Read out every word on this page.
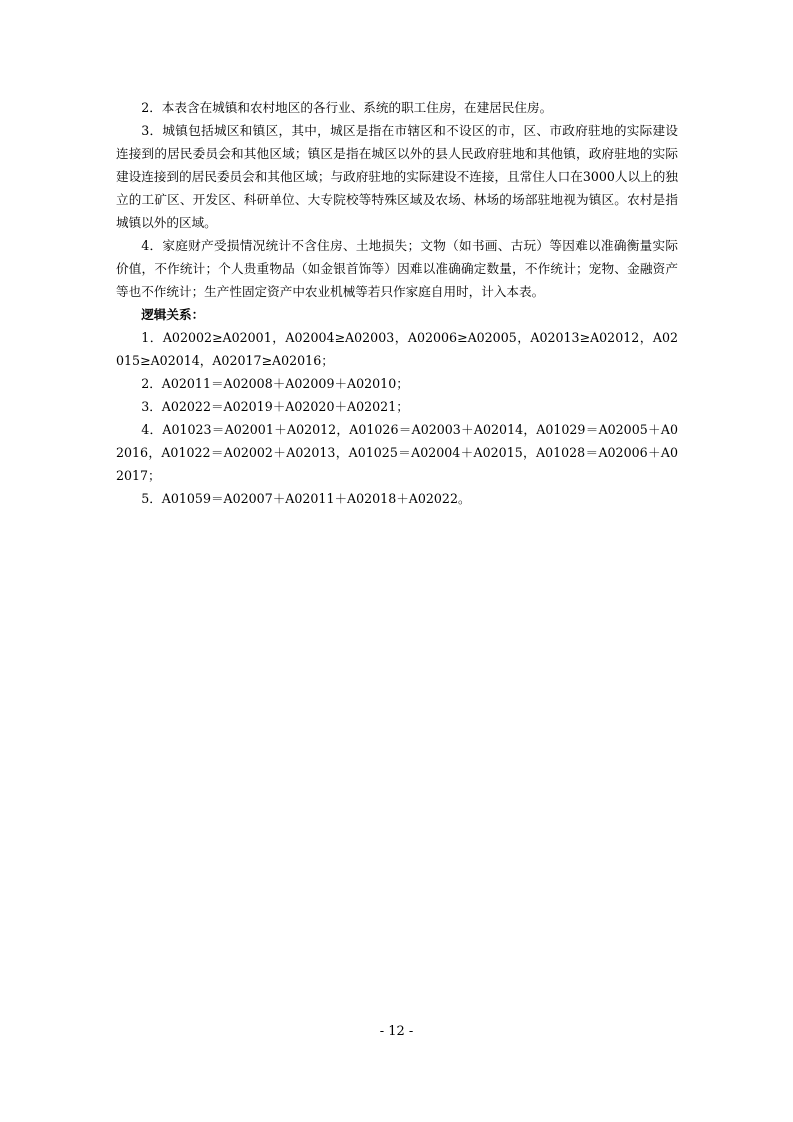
2．本表含在城镇和农村地区的各行业、系统的职工住房，在建居民住房。

3．城镇包括城区和镇区，其中，城区是指在市辖区和不设区的市，区、市政府驻地的实际建设连接到的居民委员会和其他区域；镇区是指在城区以外的县人民政府驻地和其他镇，政府驻地的实际建设连接到的居民委员会和其他区域；与政府驻地的实际建设不连接，且常住人口在3000人以上的独立的工矿区、开发区、科研单位、大专院校等特殊区域及农场、林场的场部驻地视为镇区。农村是指城镇以外的区域。

4．家庭财产受损情况统计不含住房、土地损失；文物（如书画、古玩）等因难以准确衡量实际价值，不作统计；个人贵重物品（如金银首饰等）因难以准确确定数量，不作统计；宠物、金融资产等也不作统计；生产性固定资产中农业机械等若只作家庭自用时，计入本表。

逻辑关系：

1．A02002≥A02001，A02004≥A02003，A02006≥A02005，A02013≥A02012，A02015≥A02014，A02017≥A02016；

2．A02011＝A02008＋A02009＋A02010；

3．A02022＝A02019＋A02020＋A02021；

4．A01023＝A02001＋A02012，A01026＝A02003＋A02014，A01029＝A02005＋A02016，A01022＝A02002＋A02013，A01025＝A02004＋A02015，A01028＝A02006＋A02017；

5．A01059＝A02007＋A02011＋A02018＋A02022。

- 12 -
